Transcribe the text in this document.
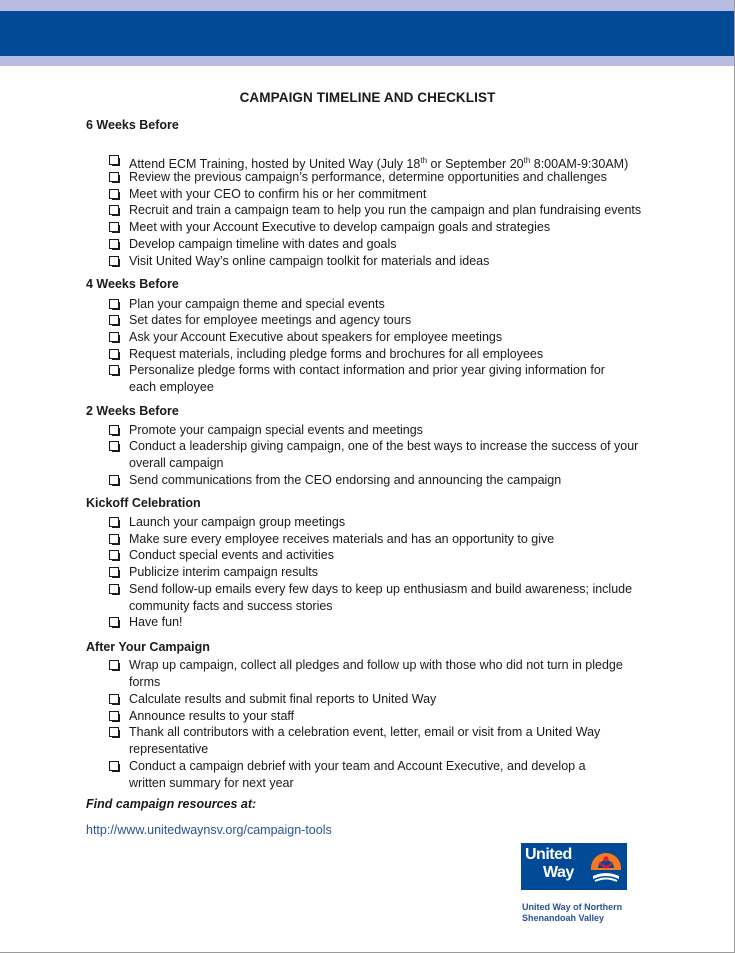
CAMPAIGN TIMELINE AND CHECKLIST
6 Weeks Before
Attend ECM Training, hosted by United Way (July 18th or September 20th 8:00AM-9:30AM)
Review the previous campaign’s performance, determine opportunities and challenges
Meet with your CEO to confirm his or her commitment
Recruit and train a campaign team to help you run the campaign and plan fundraising events
Meet with your Account Executive to develop campaign goals and strategies
Develop campaign timeline with dates and goals
Visit United Way’s online campaign toolkit for materials and ideas
4 Weeks Before
Plan your campaign theme and special events
Set dates for employee meetings and agency tours
Ask your Account Executive about speakers for employee meetings
Request materials, including pledge forms and brochures for all employees
Personalize pledge forms with contact information and prior year giving information for each employee
2 Weeks Before
Promote your campaign special events and meetings
Conduct a leadership giving campaign, one of the best ways to increase the success of your overall campaign
Send communications from the CEO endorsing and announcing the campaign
Kickoff Celebration
Launch your campaign group meetings
Make sure every employee receives materials and has an opportunity to give
Conduct special events and activities
Publicize interim campaign results
Send follow-up emails every few days to keep up enthusiasm and build awareness; include community facts and success stories
Have fun!
After Your Campaign
Wrap up campaign, collect all pledges and follow up with those who did not turn in pledge forms
Calculate results and submit final reports to United Way
Announce results to your staff
Thank all contributors with a celebration event, letter, email or visit from a United Way representative
Conduct a campaign debrief with your team and Account Executive, and develop a written summary for next year
Find campaign resources at:
http://www.unitedwaynsv.org/campaign-tools
United
Way
United Way of Northern
Shenandoah Valley
